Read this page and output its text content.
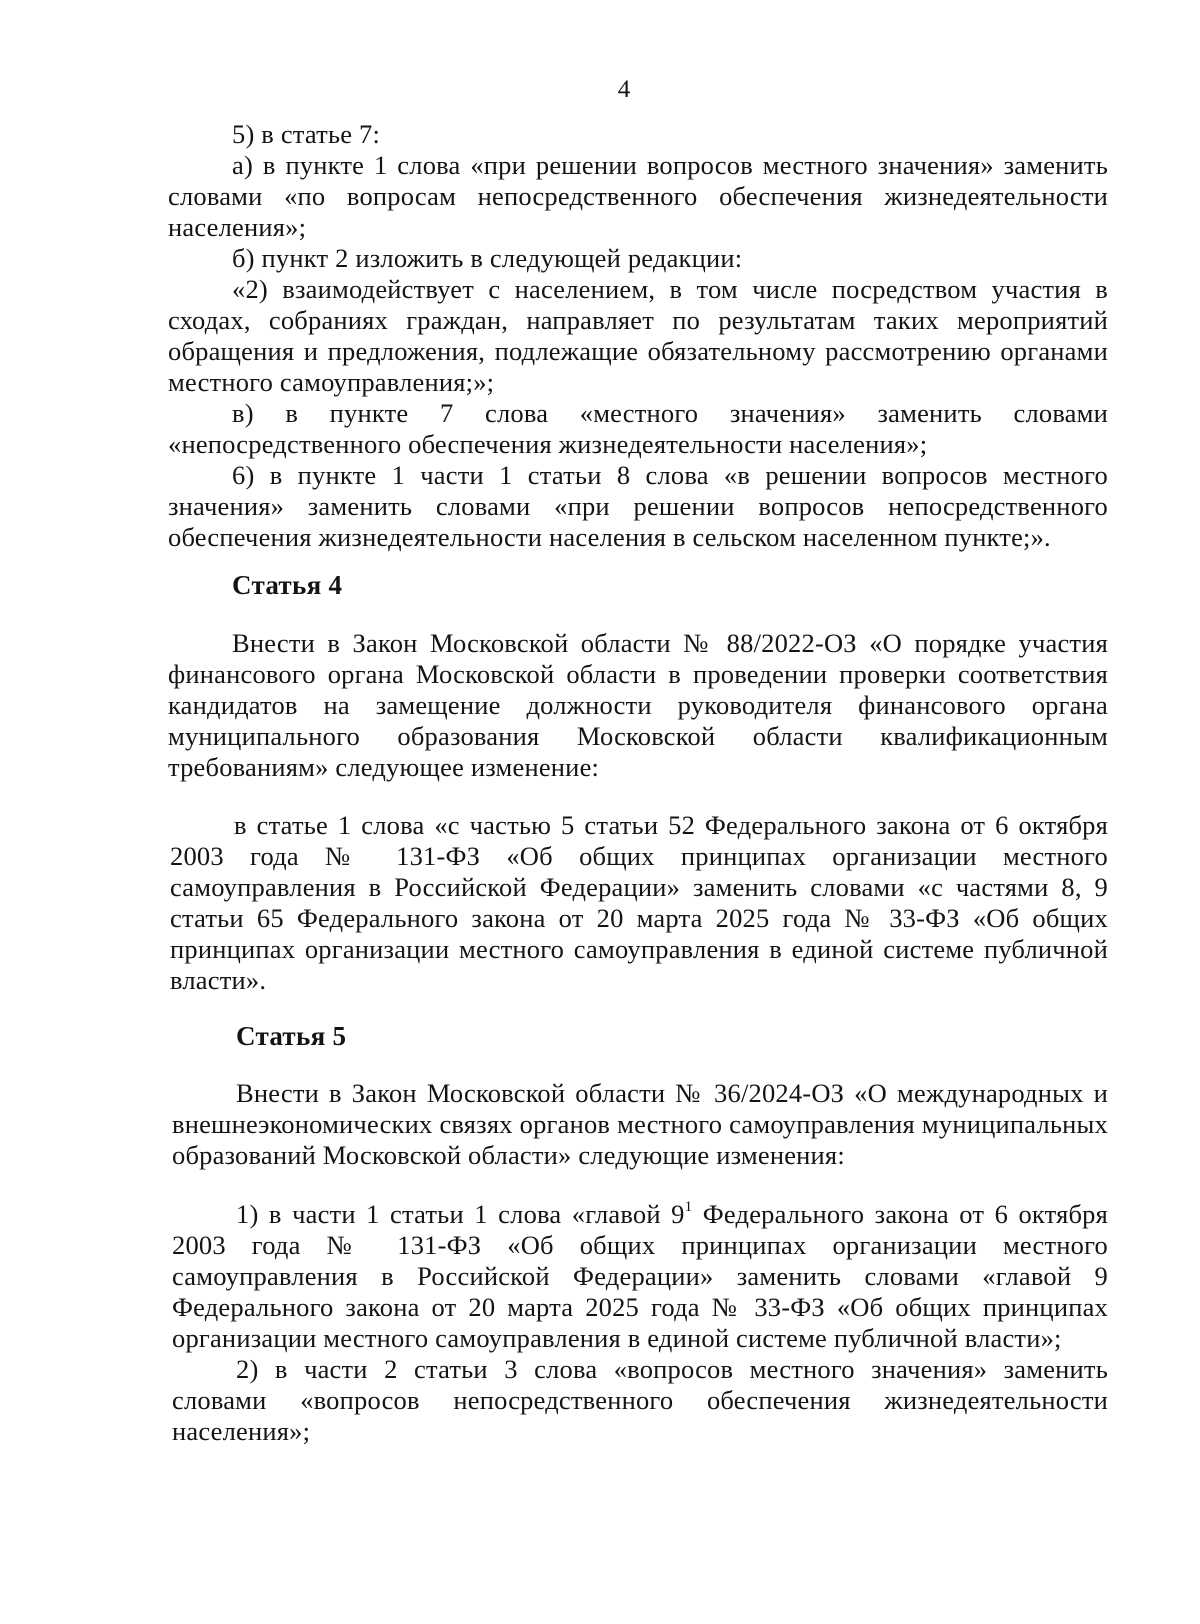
4

5) в статье 7:

а) в пункте 1 слова «при решении вопросов местного значения» заменить словами «по вопросам непосредственного обеспечения жизнедеятельности населения»;

б) пункт 2 изложить в следующей редакции:

«2) взаимодействует с населением, в том числе посредством участия в сходах, собраниях граждан, направляет по результатам таких мероприятий обращения и предложения, подлежащие обязательному рассмотрению органами местного самоуправления;»;

в) в пункте 7 слова «местного значения» заменить словами «непосредственного обеспечения жизнедеятельности населения»;

6) в пункте 1 части 1 статьи 8 слова «в решении вопросов местного значения» заменить словами «при решении вопросов непосредственного обеспечения жизнедеятельности населения в сельском населенном пункте;».

Статья 4

Внести в Закон Московской области № 88/2022-ОЗ «О порядке участия финансового органа Московской области в проведении проверки соответствия кандидатов на замещение должности руководителя финансового органа муниципального образования Московской области квалификационным требованиям» следующее изменение:

в статье 1 слова «с частью 5 статьи 52 Федерального закона от 6 октября 2003 года № 131-ФЗ «Об общих принципах организации местного самоуправления в Российской Федерации» заменить словами «с частями 8, 9 статьи 65 Федерального закона от 20 марта 2025 года № 33-ФЗ «Об общих принципах организации местного самоуправления в единой системе публичной власти».

Статья 5

Внести в Закон Московской области № 36/2024-ОЗ «О международных и внешнеэкономических связях органов местного самоуправления муниципальных образований Московской области» следующие изменения:

1) в части 1 статьи 1 слова «главой $9^1$ Федерального закона от 6 октября 2003 года № 131-ФЗ «Об общих принципах организации местного самоуправления в Российской Федерации» заменить словами «главой 9 Федерального закона от 20 марта 2025 года № 33-ФЗ «Об общих принципах организации местного самоуправления в единой системе публичной власти»;

2) в части 2 статьи 3 слова «вопросов местного значения» заменить словами «вопросов непосредственного обеспечения жизнедеятельности населения»;
